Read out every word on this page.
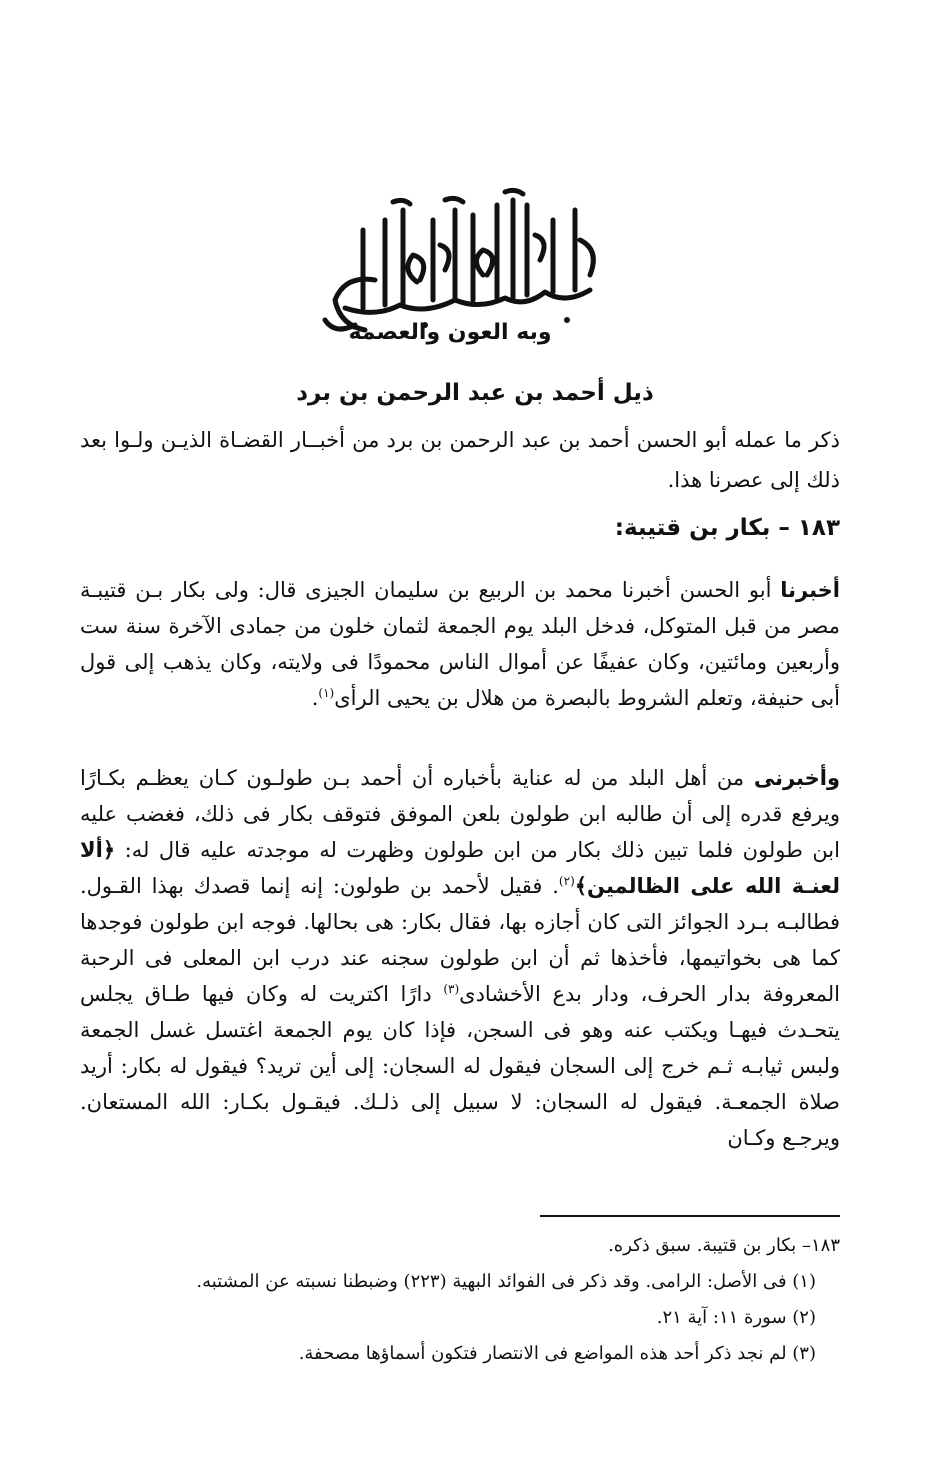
وبه العون والعصمة
ذيل أحمد بن عبد الرحمن بن برد
ذكر ما عمله أبو الحسن أحمد بن عبد الرحمن بن برد من أخبــار القضـاة الذيـن ولـوا بعد ذلك إلى عصرنا هذا.
١٨٣ – بكار بن قتيبة:
أخبرنا أبو الحسن أخبرنا محمد بن الربيع بن سليمان الجيزى قال: ولى بكار بـن قتيبـة مصر من قبل المتوكل، فدخل البلد يوم الجمعة لثمان خلون من جمادى الآخرة سنة ست وأربعين ومائتين، وكان عفيفًا عن أموال الناس محمودًا فى ولايته، وكان يذهب إلى قول أبى حنيفة، وتعلم الشروط بالبصرة من هلال بن يحيى الرأى$^{(١)}$.
وأخبرنى من أهل البلد من له عناية بأخباره أن أحمد بـن طولـون كـان يعظـم بكـارًا ويرفع قدره إلى أن طالبه ابن طولون بلعن الموفق فتوقف بكار فى ذلك، فغضب عليه ابن طولون فلما تبين ذلك بكار من ابن طولون وظهرت له موجدته عليه قال له: ﴿ألا لعنـة الله على الظالمين﴾$^{(٢)}$. فقيل لأحمد بن طولون: إنه إنما قصدك بهذا القـول. فطالبـه بـرد الجوائز التى كان أجازه بها، فقال بكار: هى بحالها. فوجه ابن طولون فوجدها كما هى بخواتيمها، فأخذها ثم أن ابن طولون سجنه عند درب ابن المعلى فى الرحبة المعروفة بدار الحرف، ودار بدع الأخشادى$^{(٣)}$ دارًا اكتريت له وكان فيها طـاق يجلس يتحـدث فيهـا ويكتب عنه وهو فى السجن، فإذا كان يوم الجمعة اغتسل غسل الجمعة ولبس ثيابـه ثـم خرج إلى السجان فيقول له السجان: إلى أين تريد؟ فيقول له بكار: أريد صلاة الجمعـة. فيقول له السجان: لا سبيل إلى ذلـك. فيقـول بكـار: الله المستعان. ويرجـع وكـان
١٨٣– بكار بن قتيبة. سبق ذكره.
(١) فى الأصل: الرامى. وقد ذكر فى الفوائد البهية (٢٢٣) وضبطنا نسبته عن المشتبه.
(٢) سورة ١١: آية ٢١.
(٣) لم نجد ذكر أحد هذه المواضع فى الانتصار فتكون أسماؤها مصحفة.
